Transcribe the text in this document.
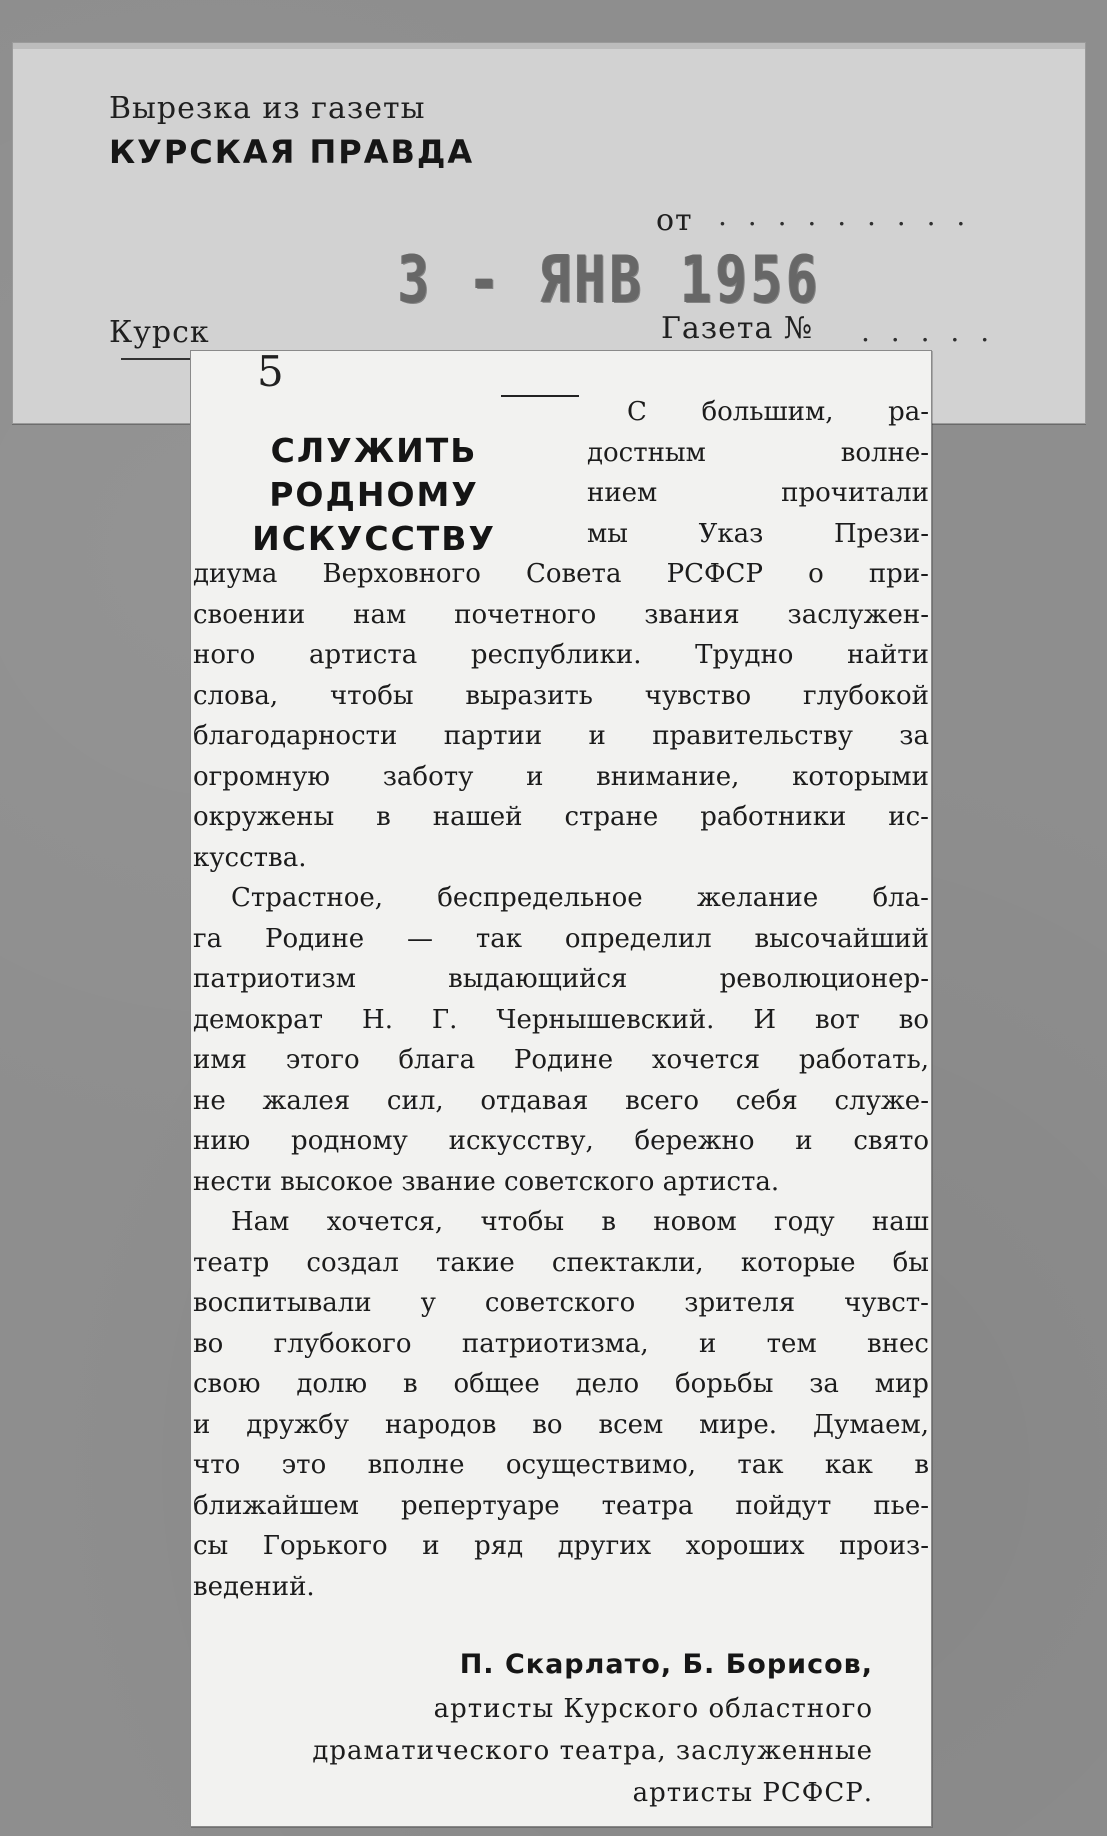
Вырезка из газеты
КУРСКАЯ ПРАВДА
от . . . . . . . . .
3 - ЯНВ 1956
Курск	Газета № . . . . .
5
СЛУЖИТЬ
РОДНОМУ
ИСКУССТВУ
С большим, ра-
достным	волне-
нием	прочитали
мы	Указ	Прези-
диума Верховного Совета РСФСР о при-
своении нам почетного звания заслужен-
ного артиста республики. Трудно найти
слова, чтобы выразить чувство глубокой
благодарности партии и правительству за
огромную заботу и внимание, которыми
окружены в нашей стране работники ис-
кусства.
Страстное, беспредельное желание бла-
га Родине — так определил высочайший
патриотизм	выдающийся	революционер-
демократ Н. Г. Чернышевский. И вот во
имя этого блага Родине хочется работать,
не жалея сил, отдавая всего себя служе-
нию родному искусству, бережно и свято
нести высокое звание советского артиста.
Нам хочется, чтобы в новом году наш
театр создал такие спектакли, которые бы
воспитывали у советского зрителя чувст-
во глубокого патриотизма, и тем внес
свою долю в общее дело борьбы за мир
и дружбу народов во всем мире. Думаем,
что это вполне осуществимо, так как в
ближайшем репертуаре театра пойдут пье-
сы Горького и ряд других хороших произ-
ведений.
П. Скарлато, Б. Борисов,
артисты Курского областного
драматического театра, заслуженные
артисты РСФСР.
